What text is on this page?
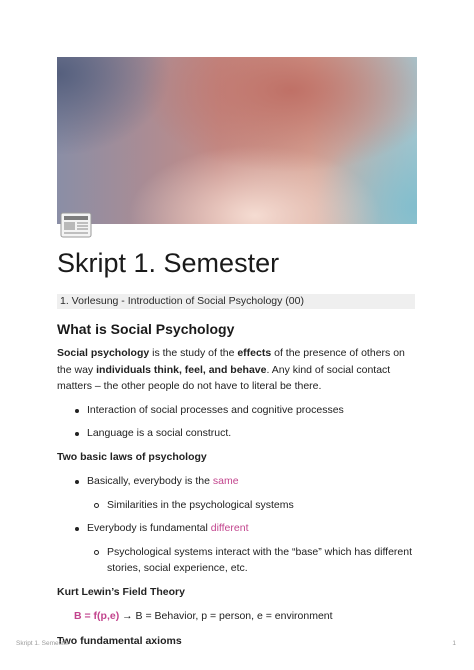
Skript 1. Semester
1. Vorlesung - Introduction of Social Psychology (00)
What is Social Psychology

Social psychology is the study of the effects of the presence of others on the way individuals think, feel, and behave. Any kind of social contact matters – the other people do not have to literal be there.

Interaction of social processes and cognitive processes
Language is a social construct.

Two basic laws of psychology

Basically, everybody is the same
Similarities in the psychological systems
Everybody is fundamental different
Psychological systems interact with the “base” which has different stories, social experience, etc.

Kurt Lewin’s Field Theory

B = f(p,e) → B = Behavior, p = person, e = environment

Two fundamental axioms

Skript 1. Semester	1
